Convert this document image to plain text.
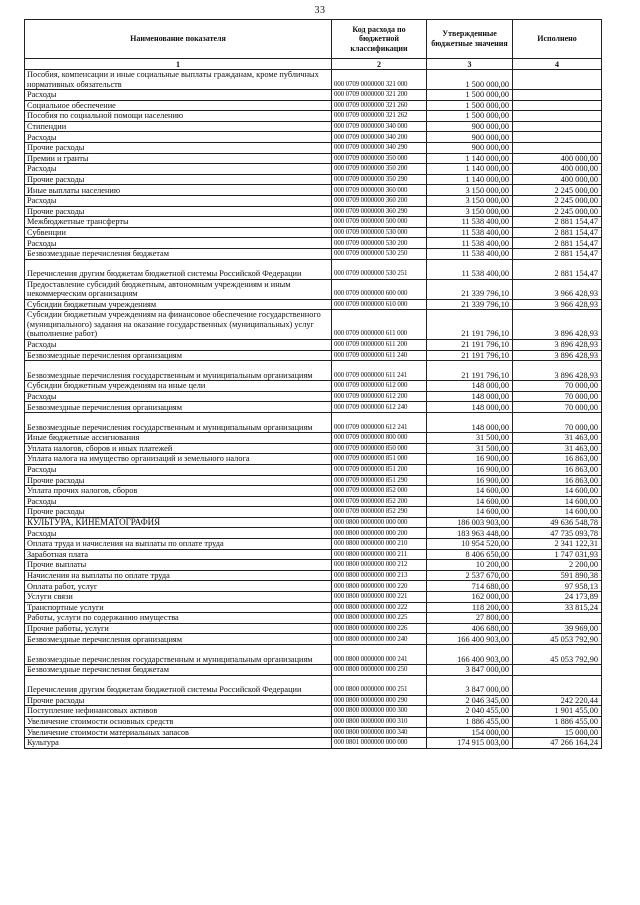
33
Наименование показателя	Код расхода по бюджетной классификации	Утвержденные бюджетные значения	Исполнено
1	2	3	4
Пособия, компенсации и иные социальные выплаты гражданам, кроме публичных нормативных обязательств	000 0709 0000000 321 000	1 500 000,00	
Расходы	000 0709 0000000 321 200	1 500 000,00	
Социальное обеспечение	000 0709 0000000 321 260	1 500 000,00	
Пособия по социальной помощи населению	000 0709 0000000 321 262	1 500 000,00	
Стипендии	000 0709 0000000 340 000	900 000,00	
Расходы	000 0709 0000000 340 200	900 000,00	
Прочие расходы	000 0709 0000000 340 290	900 000,00	
Премии и гранты	000 0709 0000000 350 000	1 140 000,00	400 000,00
Расходы	000 0709 0000000 350 200	1 140 000,00	400 000,00
Прочие расходы	000 0709 0000000 350 290	1 140 000,00	400 000,00
Иные выплаты населению	000 0709 0000000 360 000	3 150 000,00	2 245 000,00
Расходы	000 0709 0000000 360 200	3 150 000,00	2 245 000,00
Прочие расходы	000 0709 0000000 360 290	3 150 000,00	2 245 000,00
Межбюджетные трансферты	000 0709 0000000 500 000	11 538 400,00	2 881 154,47
Субвенции	000 0709 0000000 530 000	11 538 400,00	2 881 154,47
Расходы	000 0709 0000000 530 200	11 538 400,00	2 881 154,47
Безвозмездные перечисления бюджетам	000 0709 0000000 530 250	11 538 400,00	2 881 154,47
Перечисления другим бюджетам бюджетной системы Российской Федерации	000 0709 0000000 530 251	11 538 400,00	2 881 154,47
Предоставление субсидий бюджетным, автономным учреждениям и иным некоммерческим организациям	000 0709 0000000 600 000	21 339 796,10	3 966 428,93
Субсидии бюджетным учреждениям	000 0709 0000000 610 000	21 339 796,10	3 966 428,93
Субсидии бюджетным учреждениям на финансовое обеспечение государственного (муниципального) задания на оказание государственных (муниципальных) услуг (выполнение работ)	000 0709 0000000 611 000	21 191 796,10	3 896 428,93
Расходы	000 0709 0000000 611 200	21 191 796,10	3 896 428,93
Безвозмездные перечисления организациям	000 0709 0000000 611 240	21 191 796,10	3 896 428,93
Безвозмездные перечисления государственным и муниципальным организациям	000 0709 0000000 611 241	21 191 796,10	3 896 428,93
Субсидии бюджетным учреждениям на иные цели	000 0709 0000000 612 000	148 000,00	70 000,00
Расходы	000 0709 0000000 612 200	148 000,00	70 000,00
Безвозмездные перечисления организациям	000 0709 0000000 612 240	148 000,00	70 000,00
Безвозмездные перечисления государственным и муниципальным организациям	000 0709 0000000 612 241	148 000,00	70 000,00
Иные бюджетные ассигнования	000 0709 0000000 800 000	31 500,00	31 463,00
Уплата налогов, сборов и иных платежей	000 0709 0000000 850 000	31 500,00	31 463,00
Уплата налога на имущество организаций и земельного налога	000 0709 0000000 851 000	16 900,00	16 863,00
Расходы	000 0709 0000000 851 200	16 900,00	16 863,00
Прочие расходы	000 0709 0000000 851 290	16 900,00	16 863,00
Уплата прочих налогов, сборов	000 0709 0000000 852 000	14 600,00	14 600,00
Расходы	000 0709 0000000 852 200	14 600,00	14 600,00
Прочие расходы	000 0709 0000000 852 290	14 600,00	14 600,00
КУЛЬТУРА, КИНЕМАТОГРАФИЯ	000 0800 0000000 000 000	186 003 903,00	49 636 548,78
Расходы	000 0800 0000000 000 200	183 963 448,00	47 735 093,78
Оплата труда и начисления на выплаты по оплате труда	000 0800 0000000 000 210	10 954 520,00	2 341 122,31
Заработная плата	000 0800 0000000 000 211	8 406 650,00	1 747 031,93
Прочие выплаты	000 0800 0000000 000 212	10 200,00	2 200,00
Начисления на выплаты по оплате труда	000 0800 0000000 000 213	2 537 670,00	591 890,38
Оплата работ, услуг	000 0800 0000000 000 220	714 680,00	97 958,13
Услуги связи	000 0800 0000000 000 221	162 000,00	24 173,89
Транспортные услуги	000 0800 0000000 000 222	118 200,00	33 815,24
Работы, услуги по содержанию имущества	000 0800 0000000 000 225	27 800,00	
Прочие работы, услуги	000 0800 0000000 000 226	406 680,00	39 969,00
Безвозмездные перечисления организациям	000 0800 0000000 000 240	166 400 903,00	45 053 792,90
Безвозмездные перечисления государственным и муниципальным организациям	000 0800 0000000 000 241	166 400 903,00	45 053 792,90
Безвозмездные перечисления бюджетам	000 0800 0000000 000 250	3 847 000,00	
Перечисления другим бюджетам бюджетной системы Российской Федерации	000 0800 0000000 000 251	3 847 000,00	
Прочие расходы	000 0800 0000000 000 290	2 046 345,00	242 220,44
Поступление нефинансовых активов	000 0800 0000000 000 300	2 040 455,00	1 901 455,00
Увеличение стоимости основных средств	000 0800 0000000 000 310	1 886 455,00	1 886 455,00
Увеличение стоимости материальных запасов	000 0800 0000000 000 340	154 000,00	15 000,00
Культура	000 0801 0000000 000 000	174 915 003,00	47 266 164,24
